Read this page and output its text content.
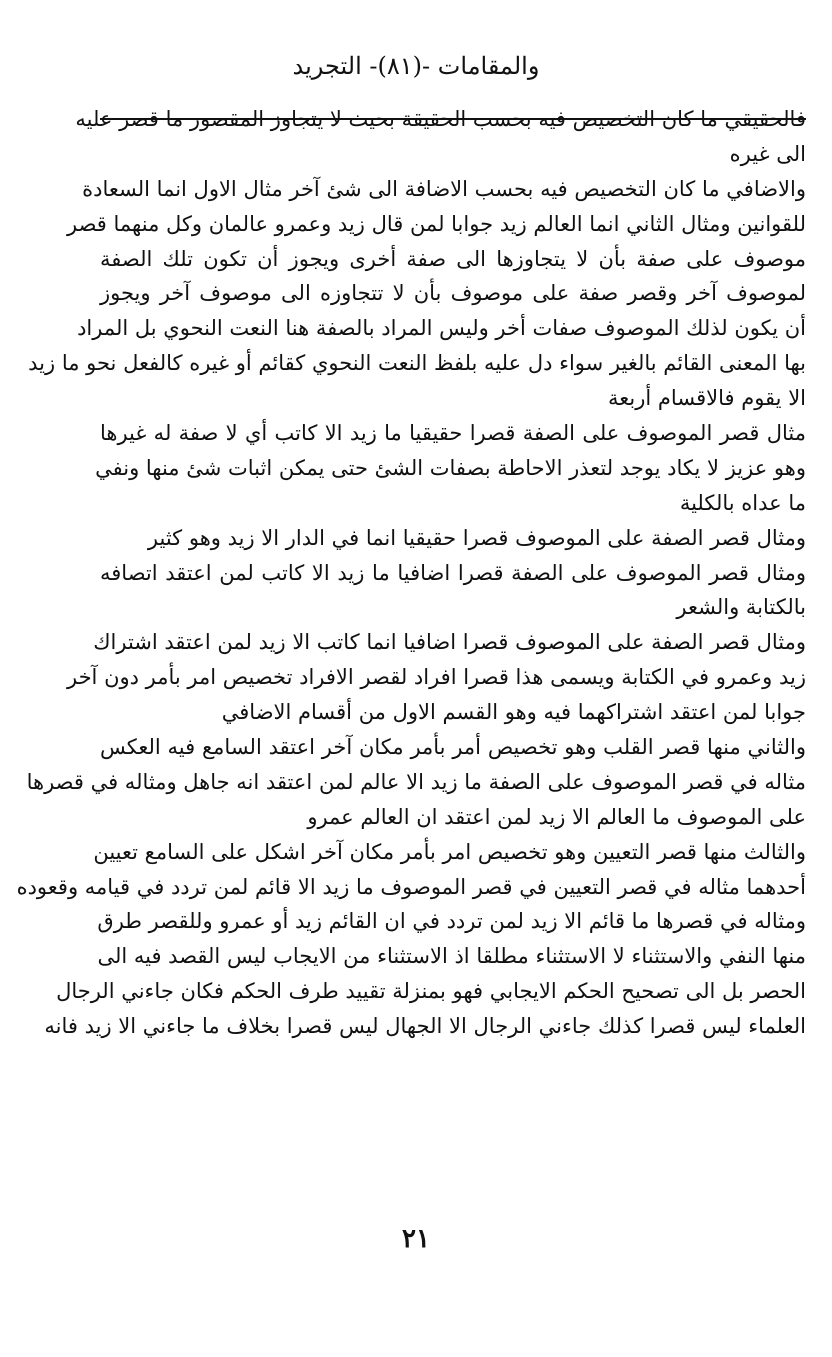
والمقامات -(٨١)- التجريد
فالحقيقي ما كان التخصيص فيه بحسب الحقيقة بحيث لا يتجاوز المقصور ما قصر عليه
الى غيره
والاضافي ما كان التخصيص فيه بحسب الاضافة الى شئ آخر مثال الاول انما السعادة
للقوانين ومثال الثاني انما العالم زيد جوابا لمن قال زيد وعمرو عالمان وكل منهما قصر
موصوف على صفة بأن لا يتجاوزها الى صفة أخرى ويجوز أن تكون تلك الصفة
لموصوف آخر وقصر صفة على موصوف بأن لا تتجاوزه الى موصوف آخر ويجوز
أن يكون لذلك الموصوف صفات أخر وليس المراد بالصفة هنا النعت النحوي بل المراد
بها المعنى القائم بالغير سواء دل عليه بلفظ النعت النحوي كقائم أو غيره كالفعل نحو ما زيد
الا يقوم فالاقسام أربعة
مثال قصر الموصوف على الصفة قصرا حقيقيا ما زيد الا كاتب أي لا صفة له غيرها
وهو عزيز لا يكاد يوجد لتعذر الاحاطة بصفات الشئ حتى يمكن اثبات شئ منها ونفي
ما عداه بالكلية
ومثال قصر الصفة على الموصوف قصرا حقيقيا انما في الدار الا زيد وهو كثير
ومثال قصر الموصوف على الصفة قصرا اضافيا ما زيد الا كاتب لمن اعتقد اتصافه
بالكتابة والشعر
ومثال قصر الصفة على الموصوف قصرا اضافيا انما كاتب الا زيد لمن اعتقد اشتراك
زيد وعمرو في الكتابة ويسمى هذا قصرا افراد لقصر الافراد تخصيص امر بأمر دون آخر
جوابا لمن اعتقد اشتراكهما فيه وهو القسم الاول من أقسام الاضافي
والثاني منها قصر القلب وهو تخصيص أمر بأمر مكان آخر اعتقد السامع فيه العكس
مثاله في قصر الموصوف على الصفة ما زيد الا عالم لمن اعتقد انه جاهل ومثاله في قصرها
على الموصوف ما العالم الا زيد لمن اعتقد ان العالم عمرو
والثالث منها قصر التعيين وهو تخصيص امر بأمر مكان آخر اشكل على السامع تعيين
أحدهما مثاله في قصر التعيين في قصر الموصوف ما زيد الا قائم لمن تردد في قيامه وقعوده
ومثاله في قصرها ما قائم الا زيد لمن تردد في ان القائم زيد أو عمرو وللقصر طرق
منها النفي والاستثناء لا الاستثناء مطلقا اذ الاستثناء من الايجاب ليس القصد فيه الى
الحصر بل الى تصحيح الحكم الايجابي فهو بمنزلة تقييد طرف الحكم فكان جاءني الرجال
العلماء ليس قصرا كذلك جاءني الرجال الا الجهال ليس قصرا بخلاف ما جاءني الا زيد فانه
٢١
